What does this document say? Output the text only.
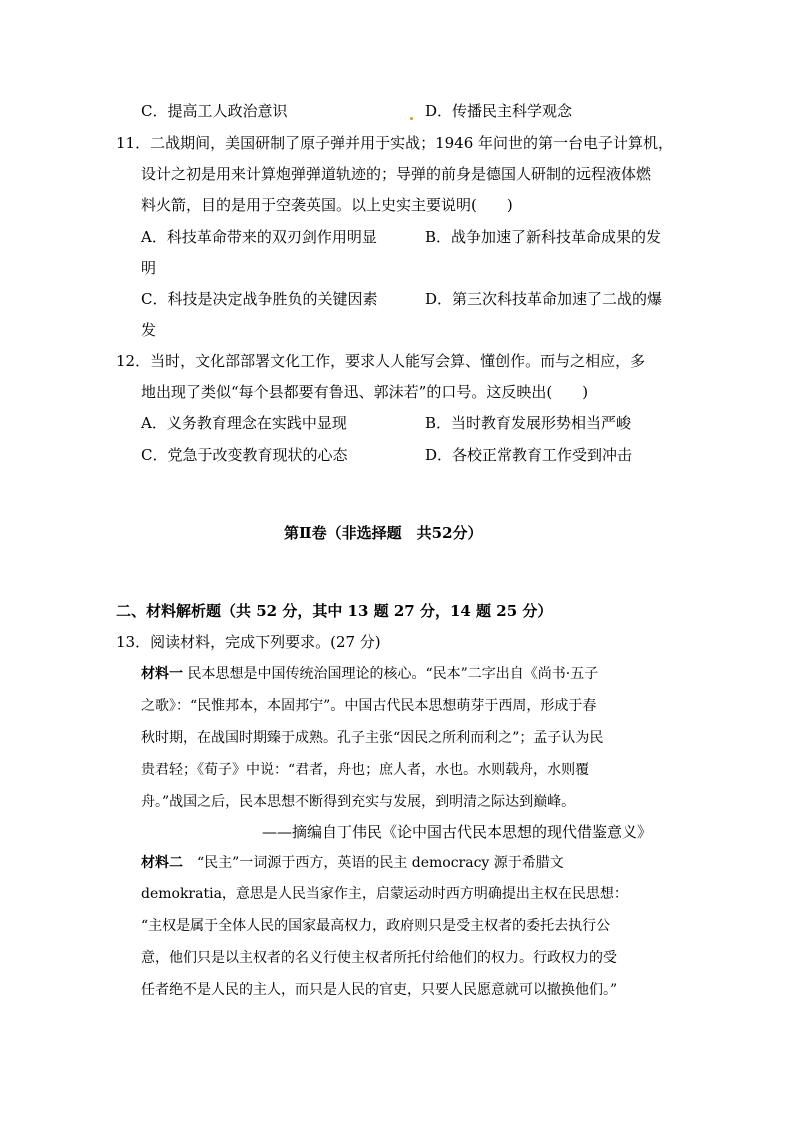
C．提高工人政治意识	D．传播民主科学观念
11．二战期间，美国研制了原子弹并用于实战；1946 年问世的第一台电子计算机，
设计之初是用来计算炮弹弹道轨迹的；导弹的前身是德国人研制的远程液体燃
料火箭，目的是用于空袭英国。以上史实主要说明(　　)
A．科技革命带来的双刃剑作用明显	B．战争加速了新科技革命成果的发
明
C．科技是决定战争胜负的关键因素	D．第三次科技革命加速了二战的爆
发
12．当时，文化部部署文化工作，要求人人能写会算、懂创作。而与之相应，多
地出现了类似“每个县都要有鲁迅、郭沫若”的口号。这反映出(　　)
A．义务教育理念在实践中显现	B．当时教育发展形势相当严峻
C．党急于改变教育现状的心态	D．各校正常教育工作受到冲击
第Ⅱ卷（非选择题　共52分）
二、材料解析题（共 52 分，其中 13 题 27 分，14 题 25 分）
13．阅读材料，完成下列要求。(27 分)
材料一 民本思想是中国传统治国理论的核心。“民本”二字出自《尚书·五子
之歌》：“民惟邦本，本固邦宁”。中国古代民本思想萌芽于西周，形成于春
秋时期，在战国时期臻于成熟。孔子主张“因民之所利而利之”；孟子认为民
贵君轻；《荀子》中说：“君者，舟也；庶人者，水也。水则载舟，水则覆
舟。”战国之后，民本思想不断得到充实与发展，到明清之际达到巅峰。
——摘编自丁伟民《论中国古代民本思想的现代借鉴意义》
材料二　“民主”一词源于西方，英语的民主 democracy 源于希腊文
demokratia，意思是人民当家作主，启蒙运动时西方明确提出主权在民思想：
“主权是属于全体人民的国家最高权力，政府则只是受主权者的委托去执行公
意，他们只是以主权者的名义行使主权者所托付给他们的权力。行政权力的受
任者绝不是人民的主人，而只是人民的官吏，只要人民愿意就可以撤换他们。”
